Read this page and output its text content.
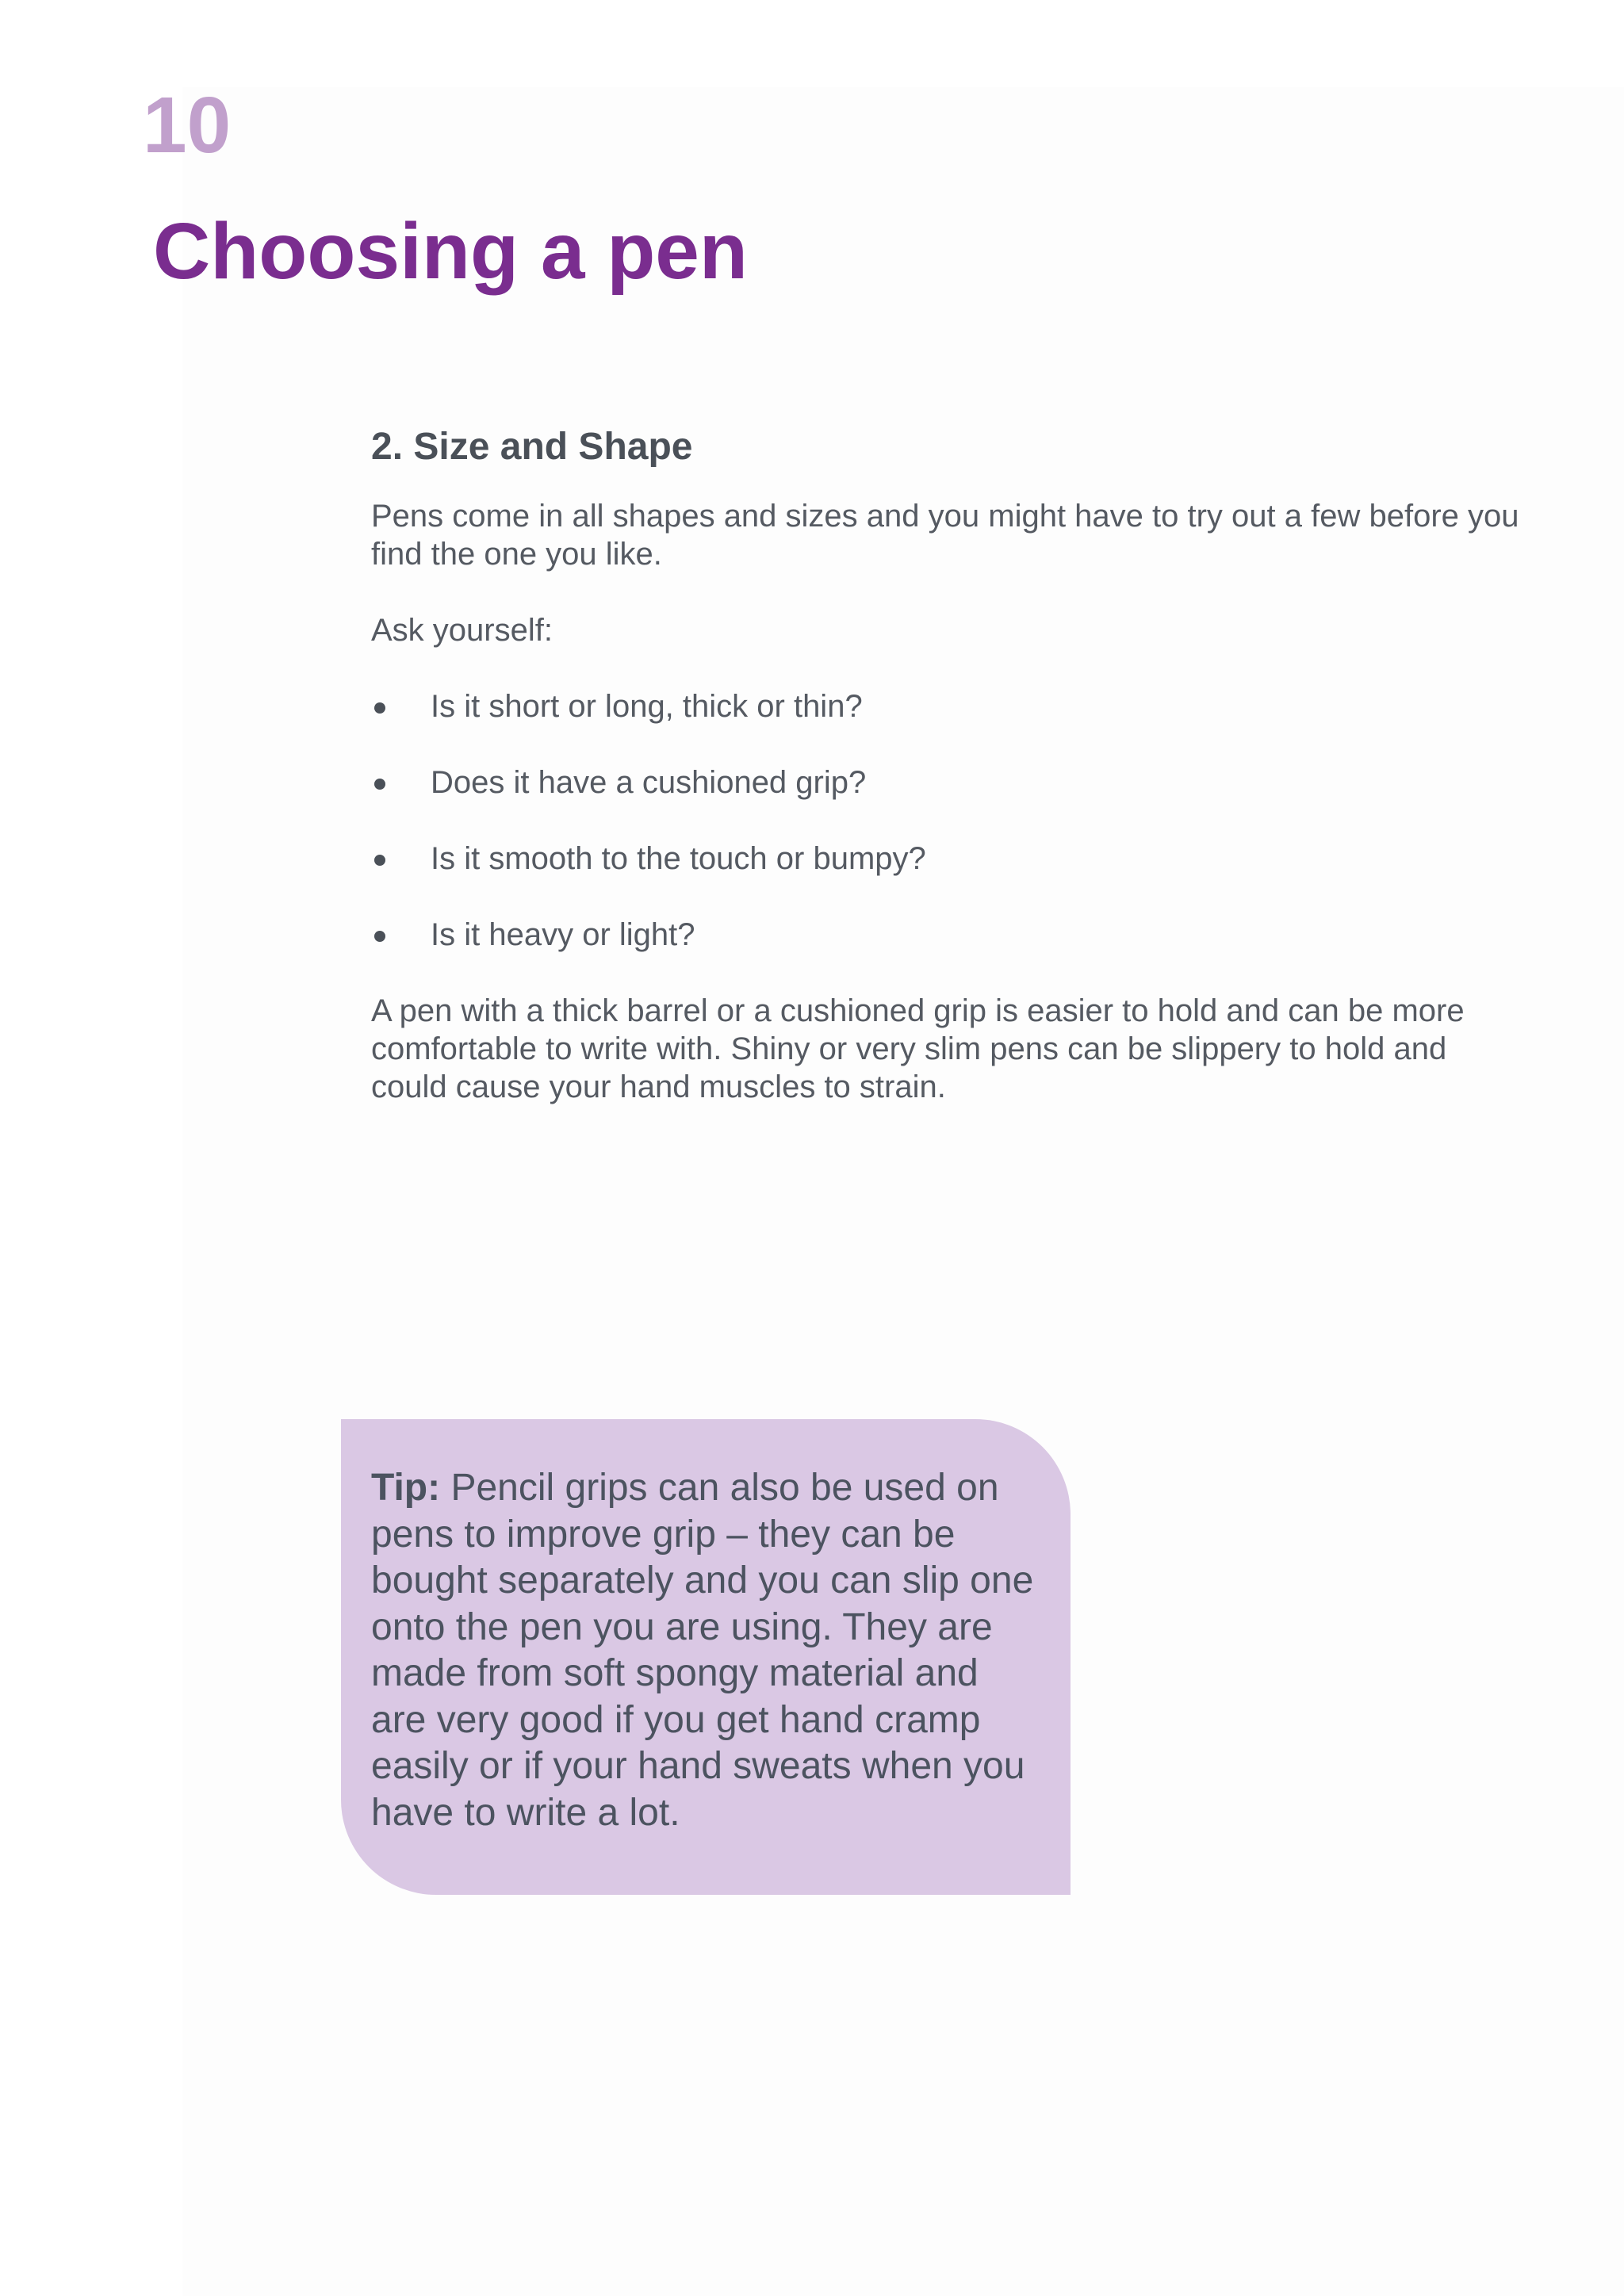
10
Choosing a pen
2. Size and Shape

Pens come in all shapes and sizes and you might have to try out a few before you find the one you like.

Ask yourself:

Is it short or long, thick or thin?
Does it have a cushioned grip?
Is it smooth to the touch or bumpy?
Is it heavy or light?

A pen with a thick barrel or a cushioned grip is easier to hold and can be more comfortable to write with. Shiny or very slim pens can be slippery to hold and could cause your hand muscles to strain.

Tip: Pencil grips can also be used on pens to improve grip – they can be bought separately and you can slip one onto the pen you are using. They are made from soft spongy material and are very good if you get hand cramp easily or if your hand sweats when you have to write a lot.
